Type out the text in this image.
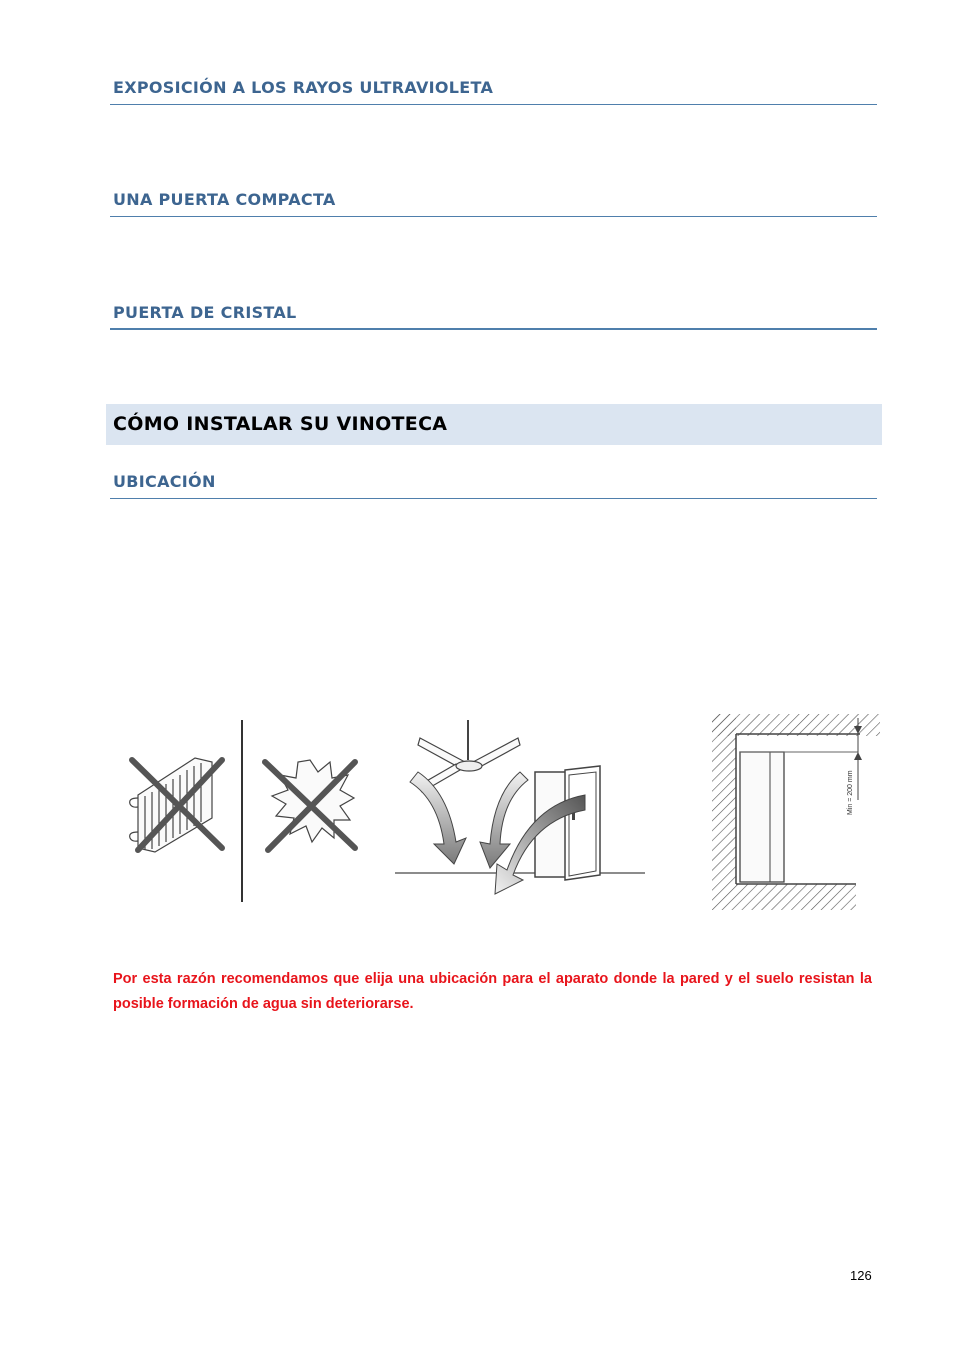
EXPOSICIÓN A LOS RAYOS ULTRAVIOLETA
UNA PUERTA COMPACTA
PUERTA DE CRISTAL
CÓMO INSTALAR SU VINOTECA
UBICACIÓN
Min = 200 mm
Por esta razón recomendamos que elija una ubicación para el aparato donde la pared y el suelo resistan la posible formación de agua sin deteriorarse.
126
